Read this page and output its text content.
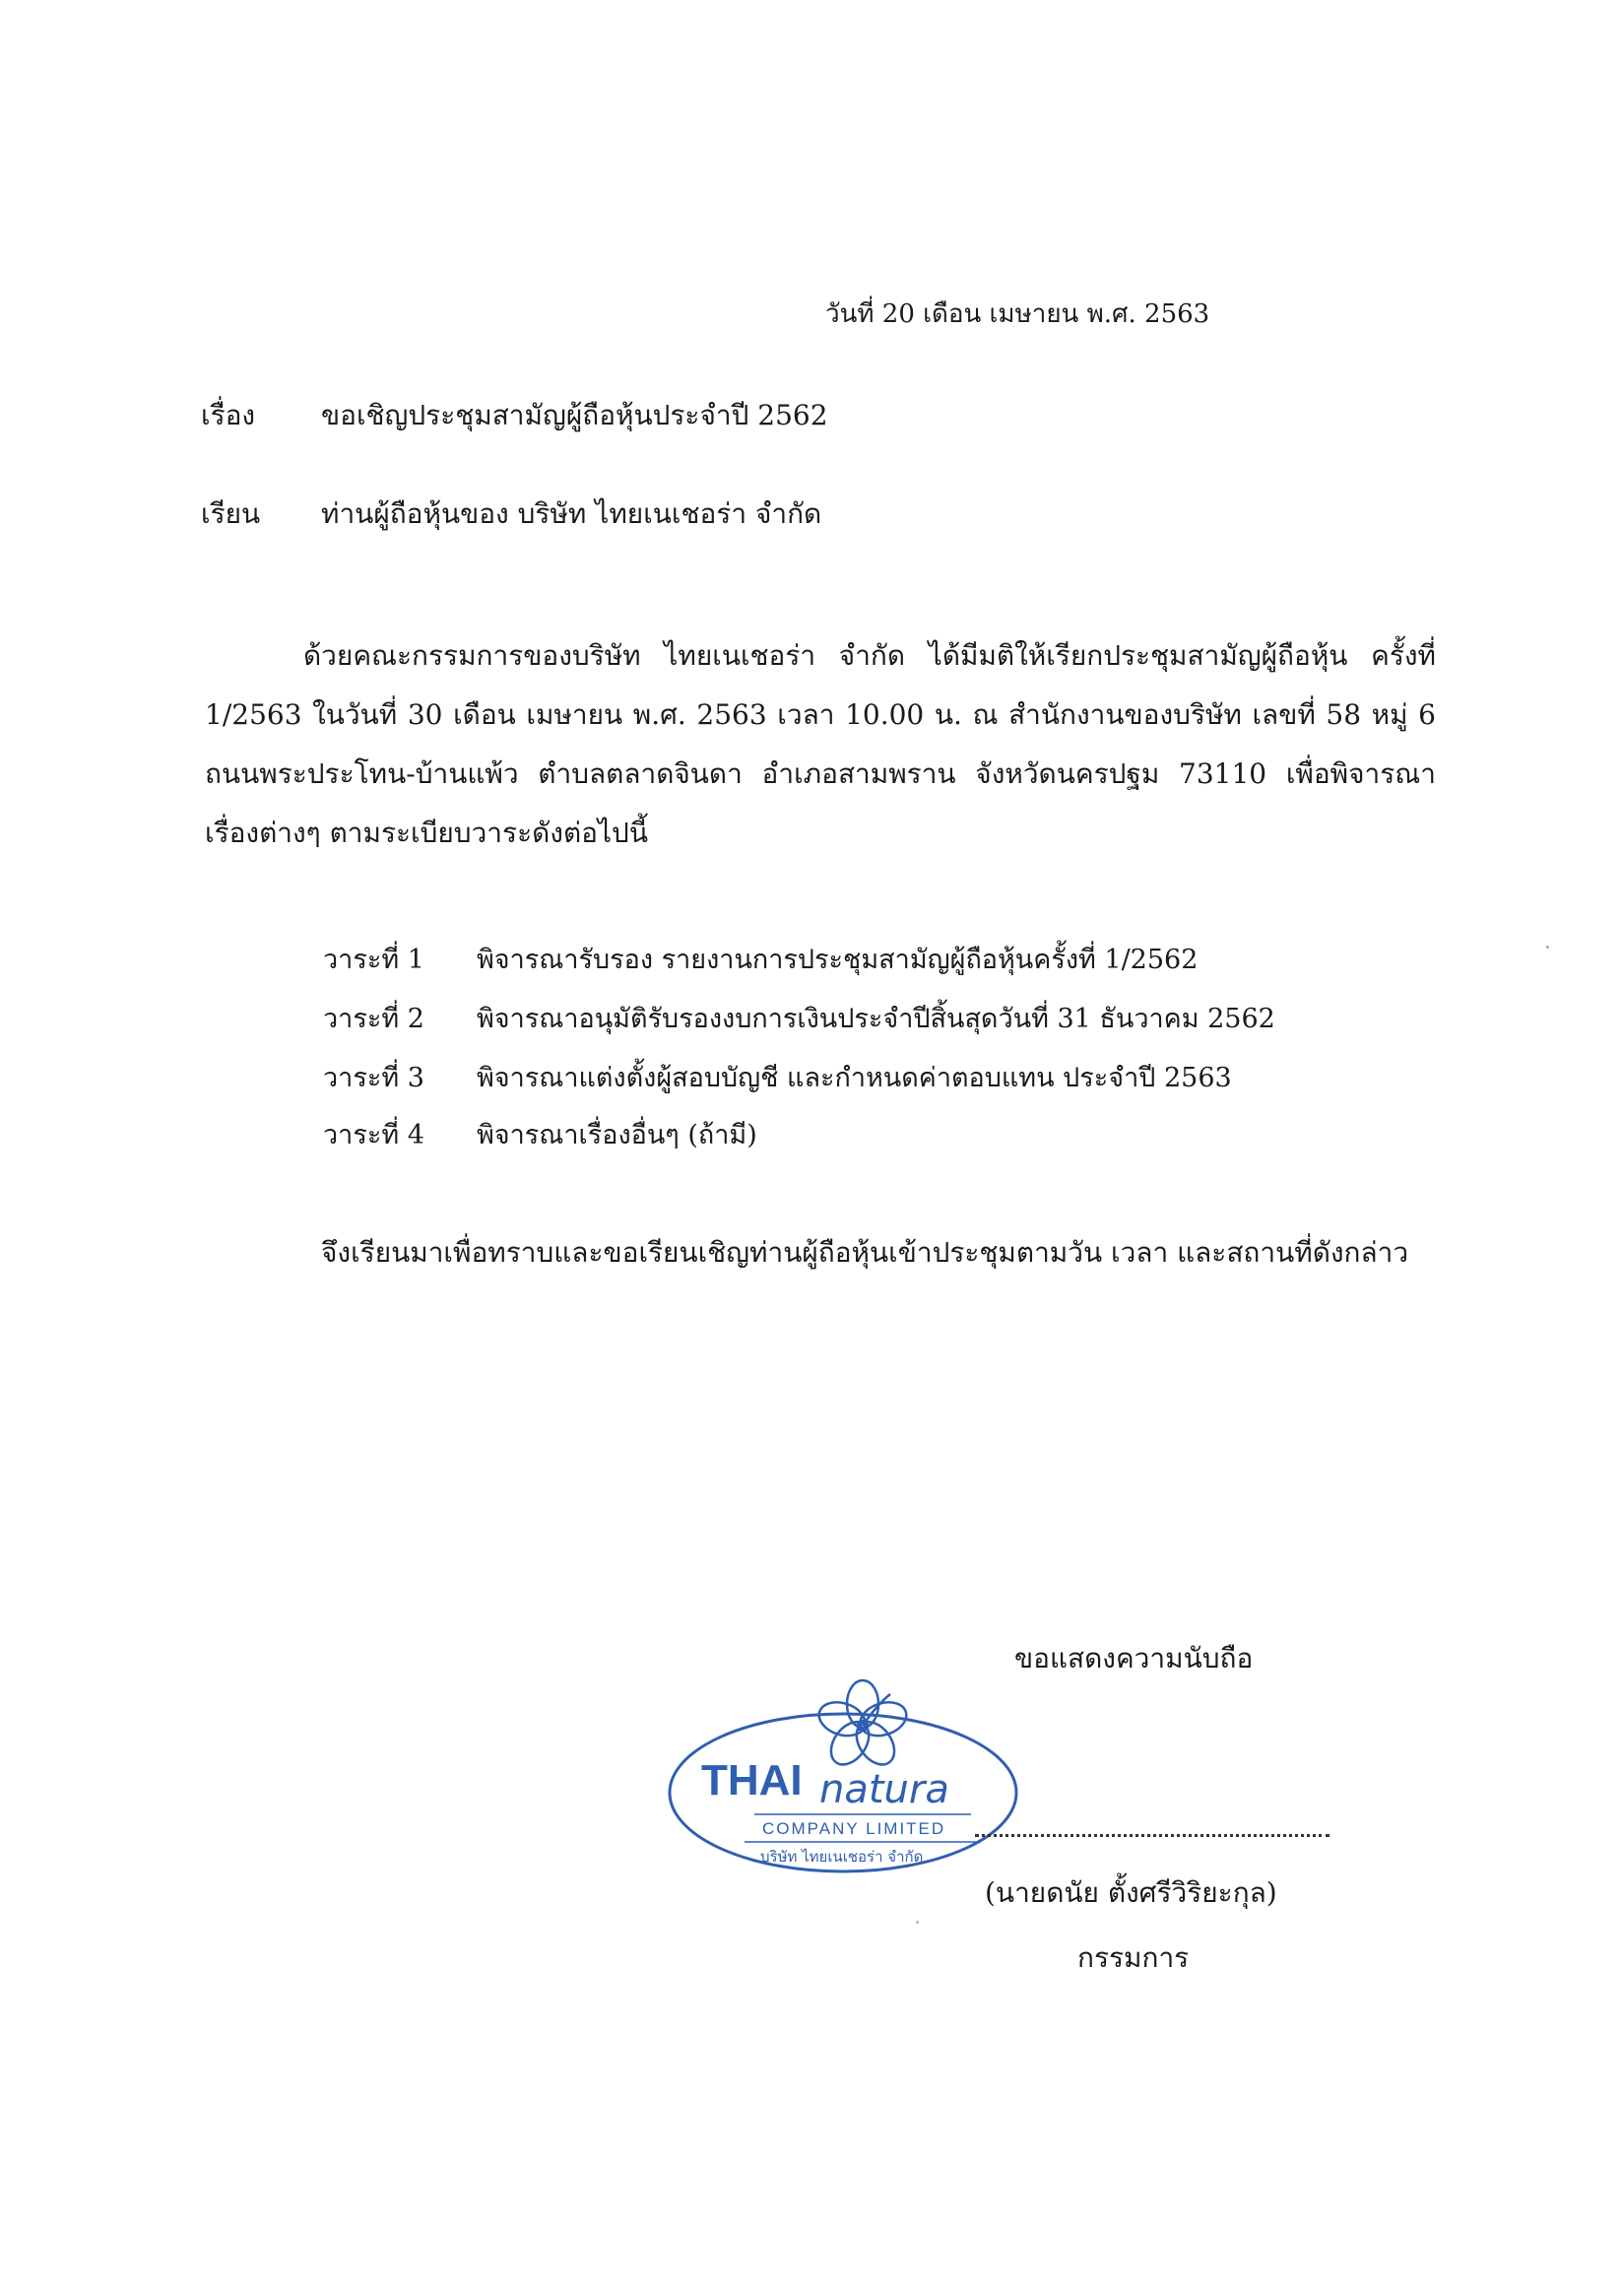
วันที่ 20 เดือน เมษายน พ.ศ. 2563
เรื่อง ขอเชิญประชุมสามัญผู้ถือหุ้นประจำปี 2562
เรียน ท่านผู้ถือหุ้นของ บริษัท ไทยเนเชอร่า จำกัด

ด้วยคณะกรรมการของบริษัท ไทยเนเชอร่า จำกัด ได้มีมติให้เรียกประชุมสามัญผู้ถือหุ้น ครั้งที่ 1/2563 ในวันที่ 30 เดือน เมษายน พ.ศ. 2563 เวลา 10.00 น. ณ สำนักงานของบริษัท เลขที่ 58 หมู่ 6 ถนนพระประโทน-บ้านแพ้ว ตำบลตลาดจินดา อำเภอสามพราน จังหวัดนครปฐม 73110 เพื่อพิจารณาเรื่องต่างๆ ตามระเบียบวาระดังต่อไปนี้

วาระที่ 1 พิจารณารับรอง รายงานการประชุมสามัญผู้ถือหุ้นครั้งที่ 1/2562
วาระที่ 2 พิจารณาอนุมัติรับรองงบการเงินประจำปีสิ้นสุดวันที่ 31 ธันวาคม 2562
วาระที่ 3 พิจารณาแต่งตั้งผู้สอบบัญชี และกำหนดค่าตอบแทน ประจำปี 2563
วาระที่ 4 พิจารณาเรื่องอื่นๆ (ถ้ามี)
จึงเรียนมาเพื่อทราบและขอเรียนเชิญท่านผู้ถือหุ้นเข้าประชุมตามวัน เวลา และสถานที่ดังกล่าว
ขอแสดงความนับถือ
THAI natura
COMPANY LIMITED
บริษัท ไทยเนเชอร่า จำกัด
(นายดนัย ตั้งศรีวิริยะกุล)
กรรมการ
